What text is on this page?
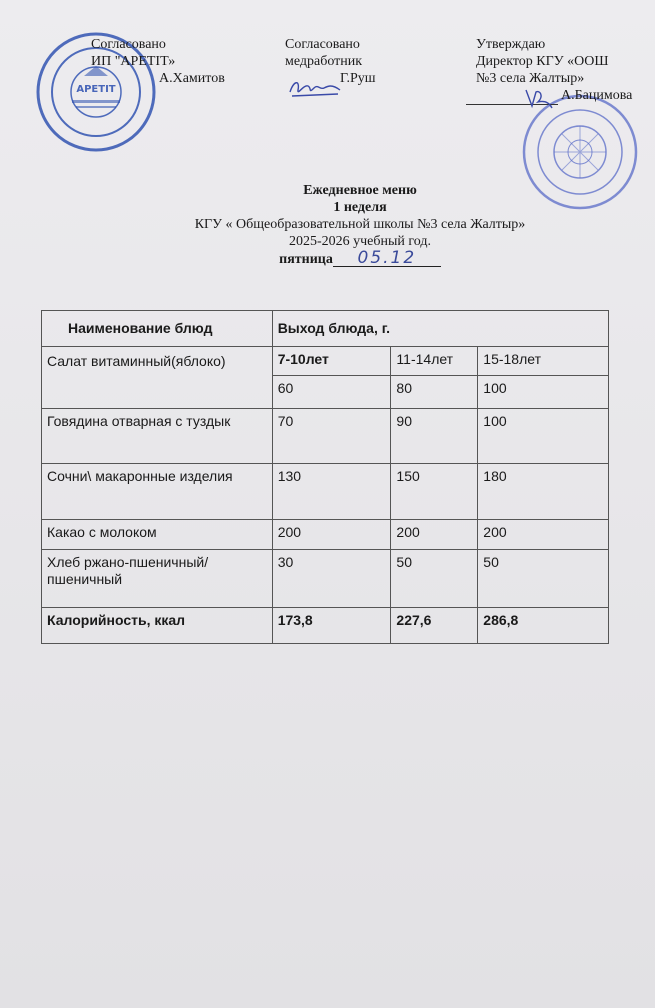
АРЕТIТ
Согласовано
ИП "АРЕТIТ»
А.Хамитов
Согласовано
медработник
Г.Руш
Утверждаю
Директор КГУ «ООШ
№3 села Жалтыр»
А.Бацимова
Ежедневное меню
1 неделя
КГУ « Общеобразовательной школы №3 села Жалтыр»
2025-2026 учебный год.
пятница 05.12
Наименование блюд	Выход блюда, г.		
Салат витаминный(яблоко)	7-10лет	11-14лет	15-18лет
	60	80	100
Говядина отварная с туздык	70	90	100
Сочни\ макаронные изделия	130	150	180
Какао с молоком	200	200	200
Хлеб ржано-пшеничный/ пшеничный	30	50	50
Калорийность, ккал	173,8	227,6	286,8
